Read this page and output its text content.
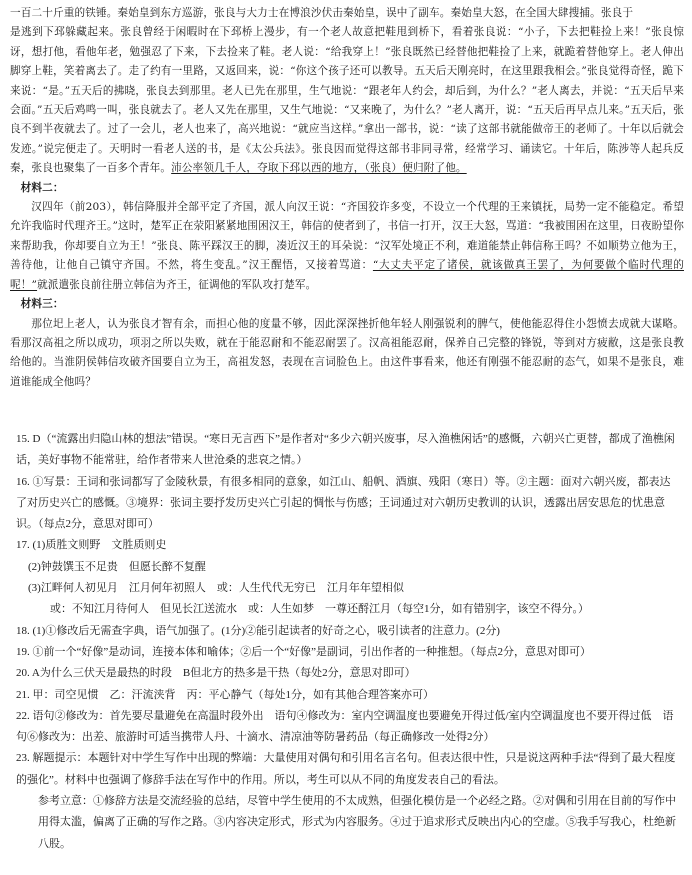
一百二十斤重的铁锤。秦始皇到东方巡游，张良与大力士在博浪沙伏击秦始皇，误中了副车。秦始皇大怒，在全国大肆搜捕。张良于

是逃到下邳躲藏起来。张良曾经于闲暇时在下邳桥上漫步，有一个老人故意把鞋甩到桥下，看着张良说：“小子，下去把鞋捡上来！”张良惊讶，想打他，看他年老，勉强忍了下来，下去捡来了鞋。老人说：“给我穿上！”张良既然已经替他把鞋捡了上来，就跪着替他穿上。老人伸出脚穿上鞋，笑着离去了。走了约有一里路，又返回来，说：“你这个孩子还可以教导。五天后天刚亮时，在这里跟我相会。”张良觉得奇怪，跪下来说：“是。”五天后的拂晓，张良去到那里。老人已先在那里，生气地说：“跟老年人约会，却后到，为什么？”老人离去，并说：“五天后早来会面。”五天后鸡鸣一叫，张良就去了。老人又先在那里，又生气地说：“又来晚了，为什么？”老人离开，说：“五天后再早点儿来。”五天后，张良不到半夜就去了。过了一会儿，老人也来了，高兴地说：“就应当这样。”拿出一部书，说：“读了这部书就能做帝王的老师了。十年以后就会发迹。”说完便走了。天明时一看老人送的书，是《太公兵法》。张良因而觉得这部书非同寻常，经常学习、诵读它。十年后，陈涉等人起兵反秦，张良也聚集了一百多个青年。沛公率领几千人，夺取下邳以西的地方，（张良）便归附了他。

材料二：

汉四年（前203），韩信降服并全部平定了齐国，派人向汉王说：“齐国狡诈多变，不设立一个代理的王来镇抚，局势一定不能稳定。希望允许我临时代理齐王。”这时，楚军正在荥阳紧紧地围困汉王，韩信的使者到了，书信一打开，汉王大怒，骂道：“我被围困在这里，日夜盼望你来帮助我，你却要自立为王！”张良、陈平踩汉王的脚，凑近汉王的耳朵说：“汉军处境正不利，难道能禁止韩信称王吗？不如顺势立他为王，善待他，让他自己镇守齐国。不然，将生变乱。”汉王醒悟，又接着骂道：“大丈夫平定了诸侯，就该做真王罢了，为何要做个临时代理的呢！”就派遣张良前往册立韩信为齐王，征调他的军队攻打楚军。

材料三：

那位圯上老人，认为张良才智有余，而担心他的度量不够，因此深深挫折他年轻人刚强锐利的脾气，使他能忍得住小怨愤去成就大谋略。看那汉高祖之所以成功，项羽之所以失败，就在于能忍耐和不能忍耐罢了。汉高祖能忍耐，保养自己完整的锋锐，等到对方疲敝，这是张良教给他的。当淮阴侯韩信攻破齐国要自立为王，高祖发怒，表现在言词脸色上。由这件事看来，他还有刚强不能忍耐的态气，如果不是张良，难道谁能成全他吗？

15. D（“流露出归隐山林的想法”错误。“寒日无言西下”是作者对“多少六朝兴废事，尽入渔樵闲话”的感慨，六朝兴亡更替，都成了渔樵闲话，美好事物不能常驻，给作者带来人世沧桑的悲哀之情。）

16. ①写景：王词和张词都写了金陵秋景，有很多相同的意象，如江山、船帆、酒旗、残阳（寒日）等。②主题：面对六朝兴废，都表达了对历史兴亡的感慨。③境界：张词主要抒发历史兴亡引起的惆怅与伤感；王词通过对六朝历史教训的认识，透露出居安思危的忧患意识。（每点2分，意思对即可）

17. (1)质胜文则野　文胜质则史

(2)钟鼓馔玉不足贵　但愿长醉不复醒

(3)江畔何人初见月　江月何年初照人　或：人生代代无穷已　江月年年望相似

或：不知江月待何人　但见长江送流水　或：人生如梦　一尊还酹江月（每空1分，如有错别字，该空不得分。）

18. (1)①修改后无需查字典，语气加强了。(1分)②能引起读者的好奇之心，吸引读者的注意力。(2分)

19. ①前一个“好像”是动词，连接本体和喻体；②后一个“好像”是副词，引出作者的一种推想。（每点2分，意思对即可）

20. A为什么三伏天是最热的时段　B但北方的热多是干热（每处2分，意思对即可）

21. 甲：司空见惯　乙：汗流浃背　丙：平心静气（每处1分，如有其他合理答案亦可）

22. 语句②修改为：首先要尽量避免在高温时段外出　语句④修改为：室内空调温度也要避免开得过低/室内空调温度也不要开得过低　语句⑥修改为：出差、旅游时可适当携带人丹、十滴水、清凉油等防暑药品（每正确修改一处得2分）

23. 解题提示：本题针对中学生写作中出现的弊端：大量使用对偶句和引用名言名句。但表达很中性，只是说这两种手法“得到了最大程度的强化”。材料中也强调了修辞手法在写作中的作用。所以，考生可以从不同的角度发表自己的看法。

参考立意：①修辞方法是交流经验的总结，尽管中学生使用的不太成熟，但强化模仿是一个必经之路。②对偶和引用在目前的写作中用得太滥，偏离了正确的写作之路。③内容决定形式，形式为内容服务。④过于追求形式反映出内心的空虚。⑤我手写我心，杜绝新八股。
